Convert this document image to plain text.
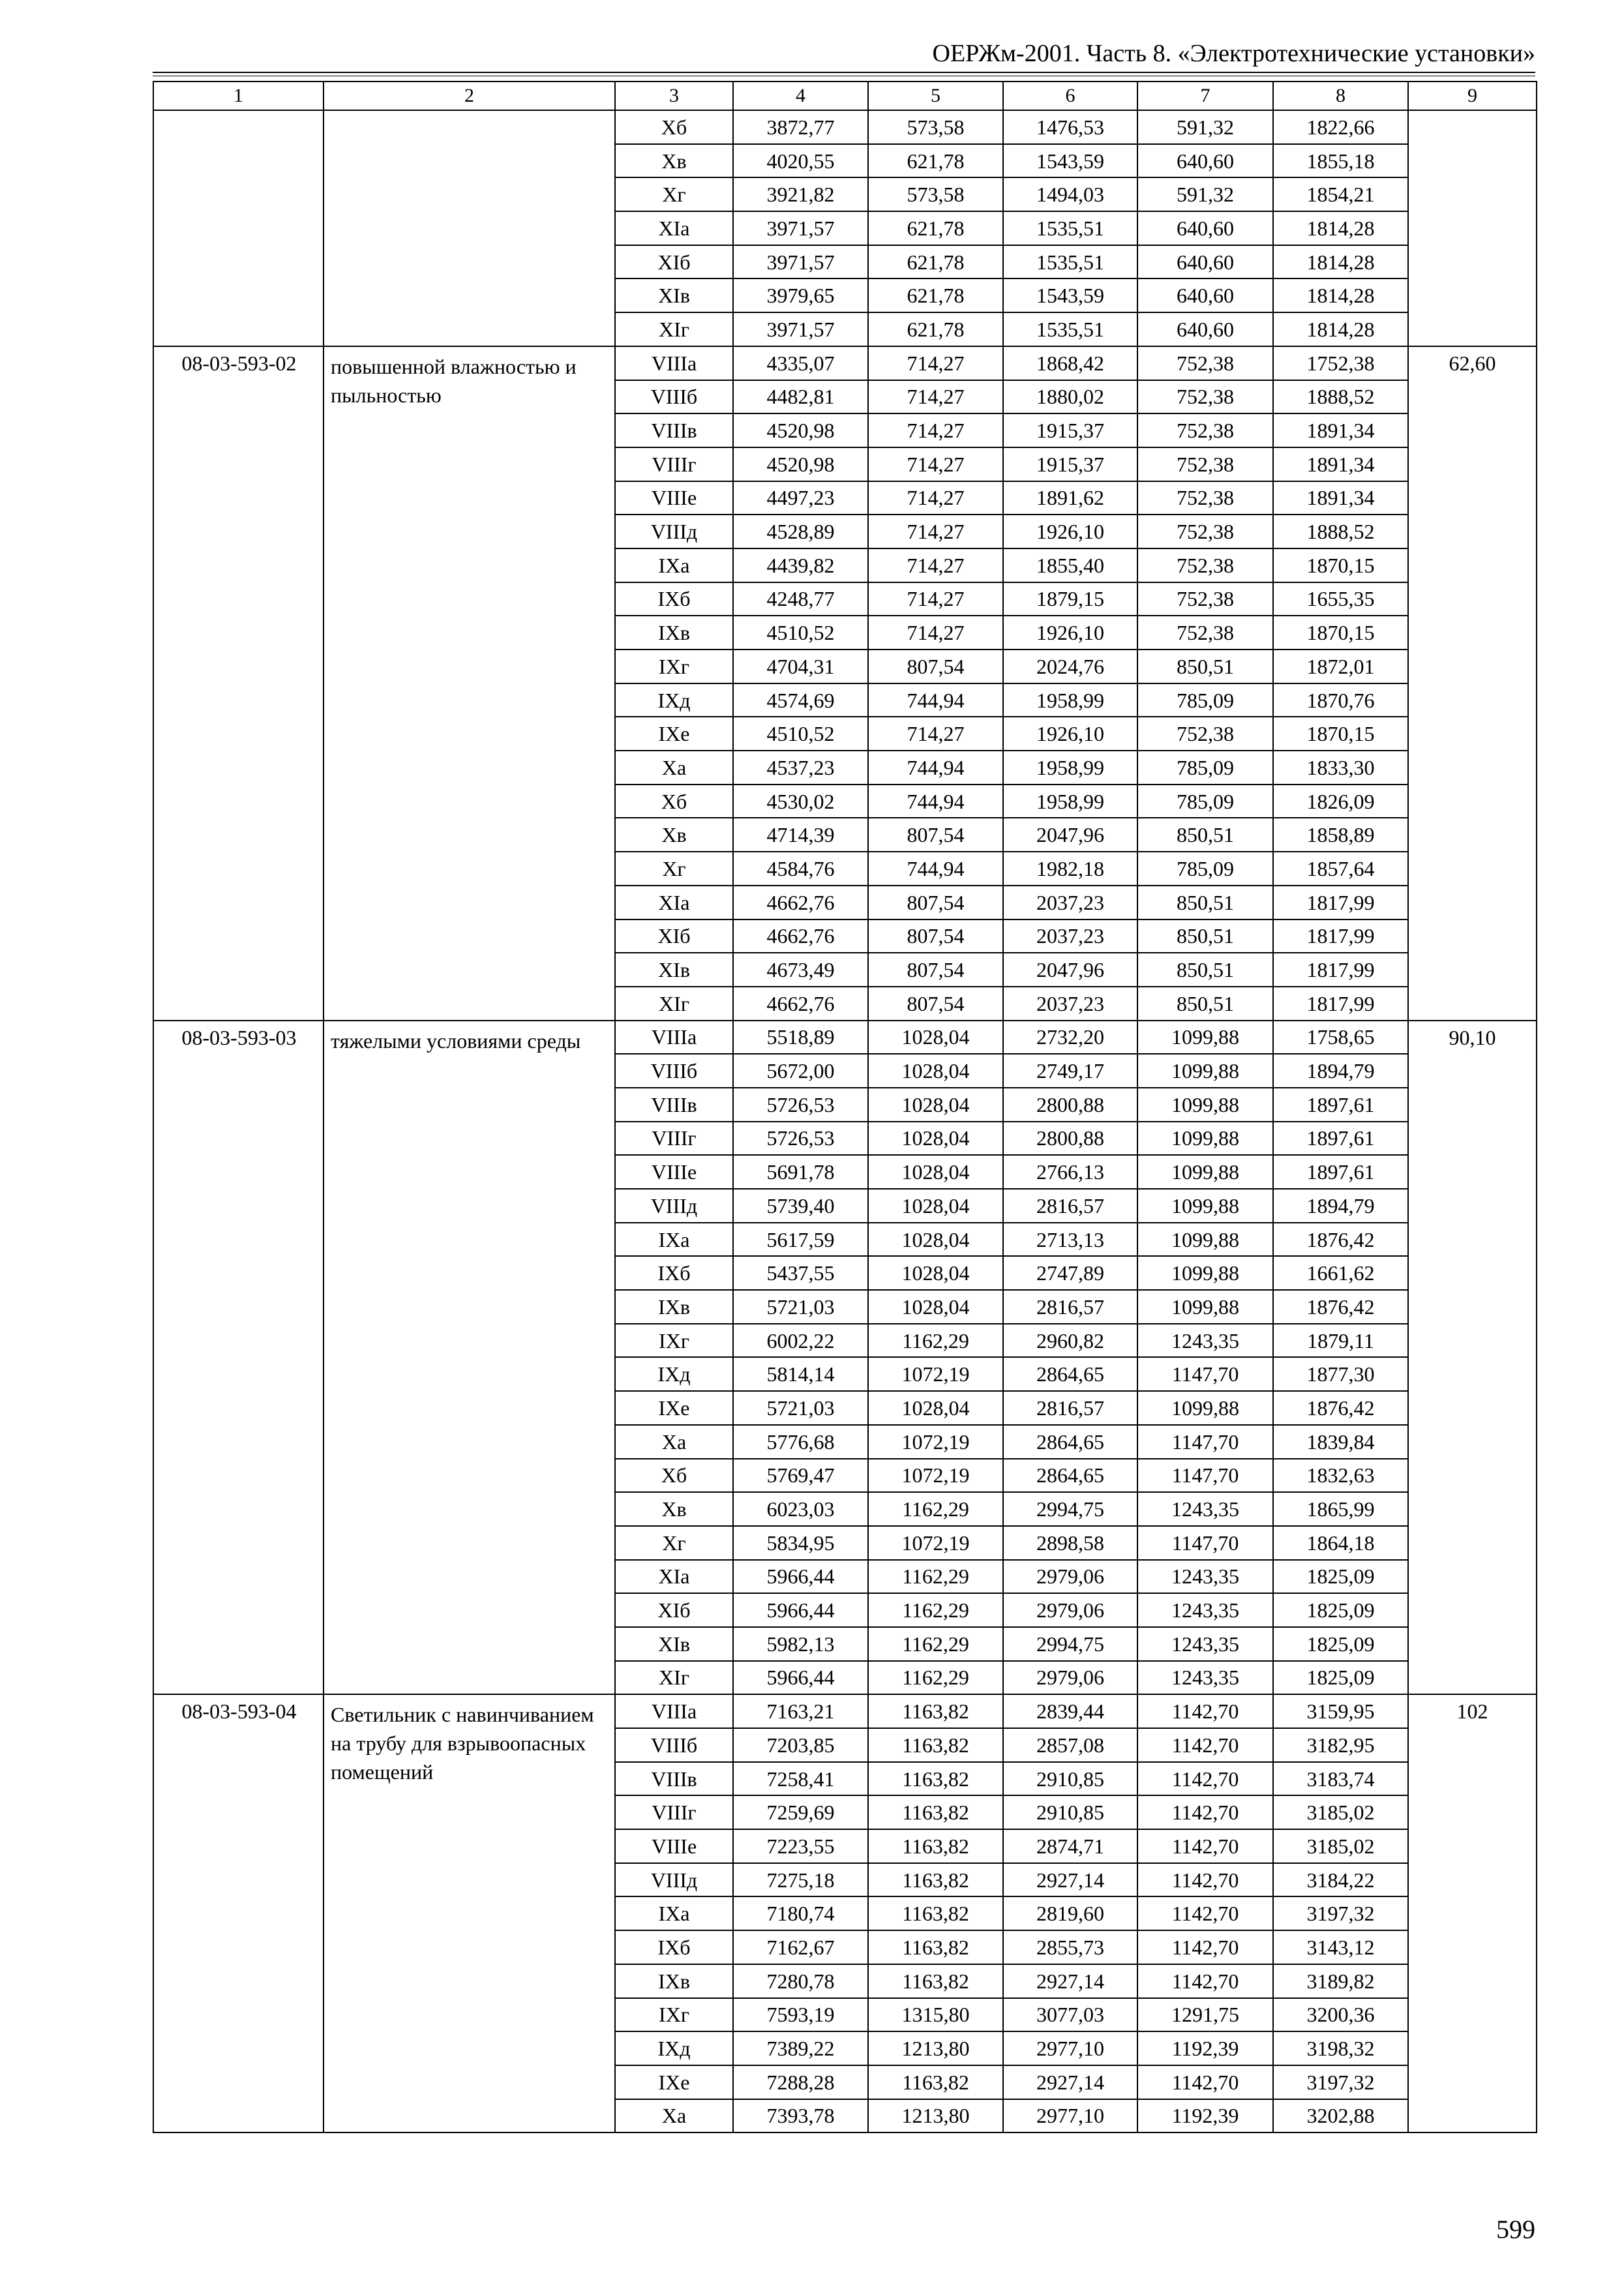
ОЕРЖм-2001. Часть 8. «Электротехнические установки»
1	2	3	4	5	6	7	8	9
		Хб	3872,77	573,58	1476,53	591,32	1822,66	
		Хв	4020,55	621,78	1543,59	640,60	1855,18	
		Хг	3921,82	573,58	1494,03	591,32	1854,21	
		ХIа	3971,57	621,78	1535,51	640,60	1814,28	
		ХIб	3971,57	621,78	1535,51	640,60	1814,28	
		ХIв	3979,65	621,78	1543,59	640,60	1814,28	
		ХIг	3971,57	621,78	1535,51	640,60	1814,28	
08-03-593-02	повышенной влажностью и пыльностью	VIIIа	4335,07	714,27	1868,42	752,38	1752,38	62,60
		VIIIб	4482,81	714,27	1880,02	752,38	1888,52	
		VIIIв	4520,98	714,27	1915,37	752,38	1891,34	
		VIIIг	4520,98	714,27	1915,37	752,38	1891,34	
		VIIIе	4497,23	714,27	1891,62	752,38	1891,34	
		VIIIд	4528,89	714,27	1926,10	752,38	1888,52	
		IХа	4439,82	714,27	1855,40	752,38	1870,15	
		IХб	4248,77	714,27	1879,15	752,38	1655,35	
		IХв	4510,52	714,27	1926,10	752,38	1870,15	
		IХг	4704,31	807,54	2024,76	850,51	1872,01	
		IХд	4574,69	744,94	1958,99	785,09	1870,76	
		IХе	4510,52	714,27	1926,10	752,38	1870,15	
		Ха	4537,23	744,94	1958,99	785,09	1833,30	
		Хб	4530,02	744,94	1958,99	785,09	1826,09	
		Хв	4714,39	807,54	2047,96	850,51	1858,89	
		Хг	4584,76	744,94	1982,18	785,09	1857,64	
		ХIа	4662,76	807,54	2037,23	850,51	1817,99	
		ХIб	4662,76	807,54	2037,23	850,51	1817,99	
		ХIв	4673,49	807,54	2047,96	850,51	1817,99	
		ХIг	4662,76	807,54	2037,23	850,51	1817,99	
08-03-593-03	тяжелыми условиями среды	VIIIа	5518,89	1028,04	2732,20	1099,88	1758,65	90,10
		VIIIб	5672,00	1028,04	2749,17	1099,88	1894,79	
		VIIIв	5726,53	1028,04	2800,88	1099,88	1897,61	
		VIIIг	5726,53	1028,04	2800,88	1099,88	1897,61	
		VIIIе	5691,78	1028,04	2766,13	1099,88	1897,61	
		VIIIд	5739,40	1028,04	2816,57	1099,88	1894,79	
		IХа	5617,59	1028,04	2713,13	1099,88	1876,42	
		IХб	5437,55	1028,04	2747,89	1099,88	1661,62	
		IХв	5721,03	1028,04	2816,57	1099,88	1876,42	
		IХг	6002,22	1162,29	2960,82	1243,35	1879,11	
		IХд	5814,14	1072,19	2864,65	1147,70	1877,30	
		IХе	5721,03	1028,04	2816,57	1099,88	1876,42	
		Ха	5776,68	1072,19	2864,65	1147,70	1839,84	
		Хб	5769,47	1072,19	2864,65	1147,70	1832,63	
		Хв	6023,03	1162,29	2994,75	1243,35	1865,99	
		Хг	5834,95	1072,19	2898,58	1147,70	1864,18	
		ХIа	5966,44	1162,29	2979,06	1243,35	1825,09	
		ХIб	5966,44	1162,29	2979,06	1243,35	1825,09	
		ХIв	5982,13	1162,29	2994,75	1243,35	1825,09	
		ХIг	5966,44	1162,29	2979,06	1243,35	1825,09	
08-03-593-04	Светильник с навинчиванием на трубу для взрывоопасных помещений	VIIIа	7163,21	1163,82	2839,44	1142,70	3159,95	102
		VIIIб	7203,85	1163,82	2857,08	1142,70	3182,95	
		VIIIв	7258,41	1163,82	2910,85	1142,70	3183,74	
		VIIIг	7259,69	1163,82	2910,85	1142,70	3185,02	
		VIIIе	7223,55	1163,82	2874,71	1142,70	3185,02	
		VIIIд	7275,18	1163,82	2927,14	1142,70	3184,22	
		IХа	7180,74	1163,82	2819,60	1142,70	3197,32	
		IХб	7162,67	1163,82	2855,73	1142,70	3143,12	
		IХв	7280,78	1163,82	2927,14	1142,70	3189,82	
		IХг	7593,19	1315,80	3077,03	1291,75	3200,36	
		IХд	7389,22	1213,80	2977,10	1192,39	3198,32	
		IХе	7288,28	1163,82	2927,14	1142,70	3197,32	
		Ха	7393,78	1213,80	2977,10	1192,39	3202,88	
599
